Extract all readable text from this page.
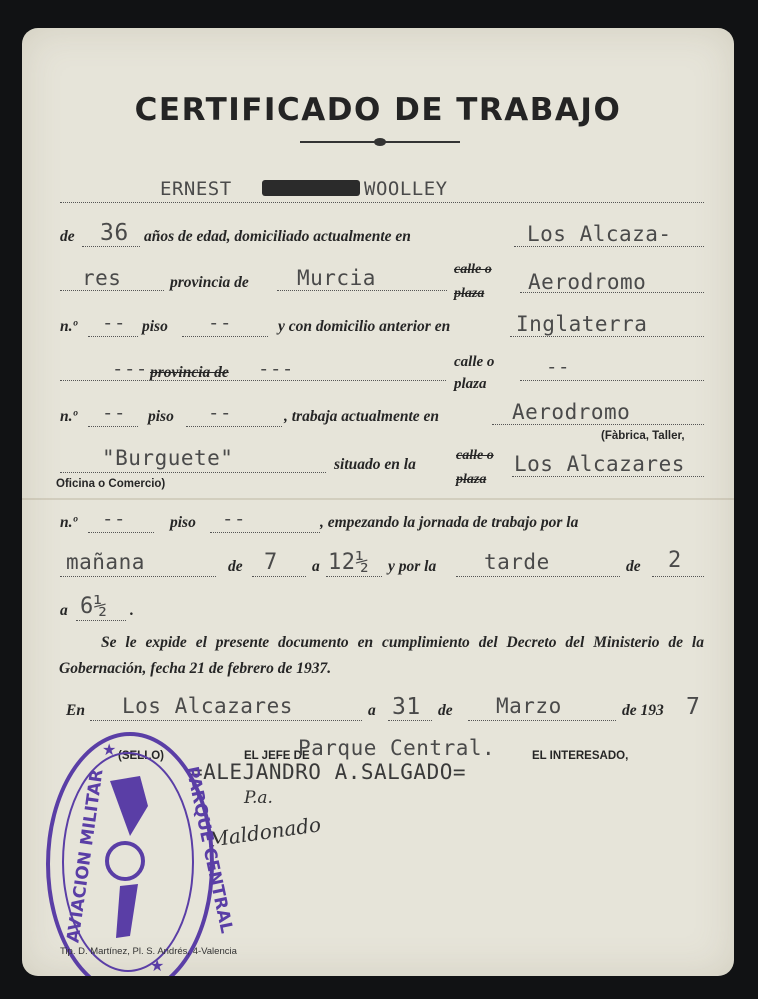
CERTIFICADO DE TRABAJO
ERNEST	WOOLLEY
de 36 años de edad, domiciliado actualmente en	Los Alcaza-
res	provincia de Murcia	calle o
plaza Aerodromo
n.º -- piso --	y con domicilio anterior en	Inglaterra
--- provincia de ---	calle o
plaza
--
n.º -- piso --	, trabaja actualmente en	Aerodromo
(Fàbrica, Taller,
"Burguete"	situado en la
calle o
plaza
Los Alcazares
Oficina o Comercio)
n.º --	piso --	, empezando la jornada de trabajo por la
mañana	de 7 a 12½ y por la tarde	de 2
a 6½ .
Se le expide el presente documento en cumplimiento del Decreto del Ministerio de la Gobernación, fecha 21 de febrero de 1937.
En Los Alcazares	a 31 de Marzo	de 193 7
(SELLO)	EL JEFE DE
Parque Central.	EL INTERESADO,
=ALEJANDRO A.SALGADO=
P.a.
Maldonado
AVIACION MILITAR	PARQUE CENTRAL
★
★
Tip. D. Martínez, Pl. S. Andrés, 4-Valencia
